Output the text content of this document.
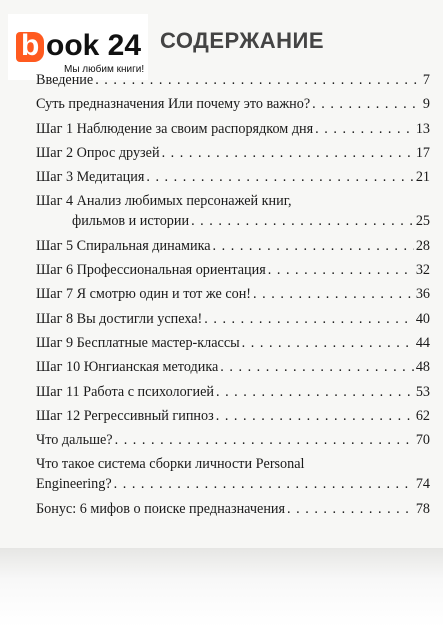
b ook 24
Мы любим книги!
СОДЕРЖАНИЕ
Введение . . .	7
Суть предназначения Или почему это важно? . . .	9
Шаг 1 Наблюдение за своим распорядком дня . . .	13
Шаг 2 Опрос друзей . . .	17
Шаг 3 Медитация . . .	21
Шаг 4 Анализ любимых персонажей книг,
фильмов и истории . . .	25
Шаг 5 Спиральная динамика . . .	28
Шаг 6 Профессиональная ориентация . . .	32
Шаг 7 Я смотрю один и тот же сон! . . .	36
Шаг 8 Вы достигли успеха! . . .	40
Шаг 9 Бесплатные мастер-классы . . .	44
Шаг 10 Юнгианская методика . . .	48
Шаг 11 Работа с психологией . . .	53
Шаг 12 Регрессивный гипноз . . .	62
Что дальше? . . .	70
Что такое система сборки личности Personal
Engineering? . . .	74
Бонус: 6 мифов о поиске предназначения . . .	78
